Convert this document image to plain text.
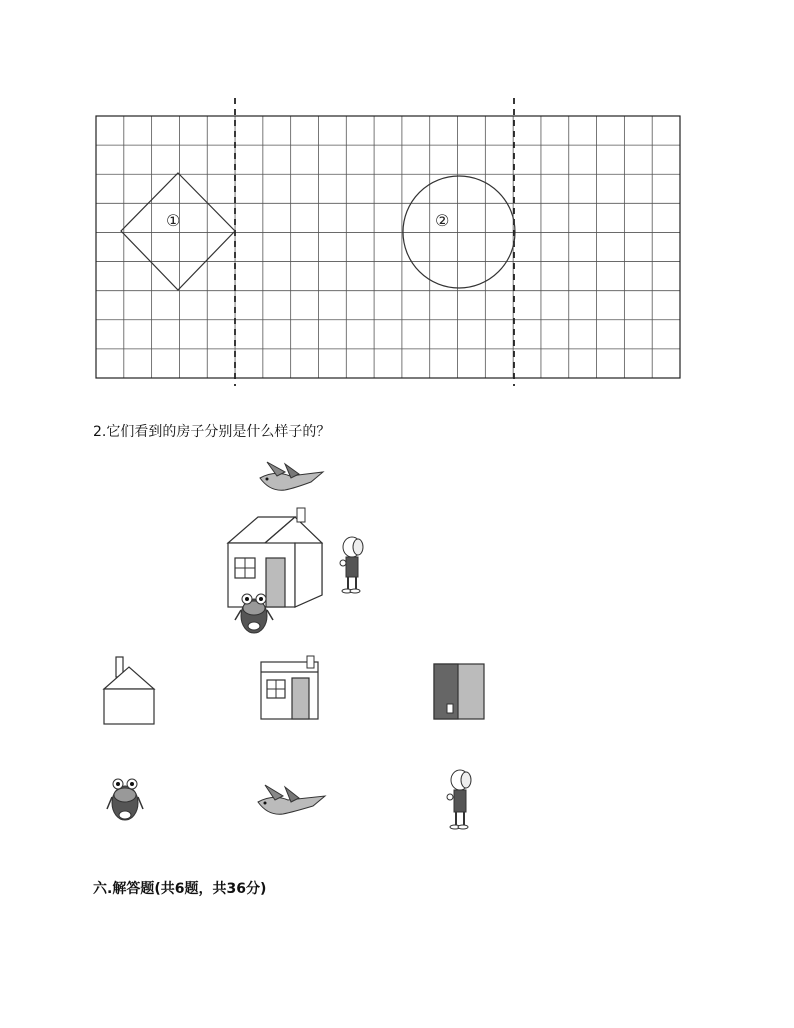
①	②
2.它们看到的房子分别是什么样子的？
六.解答题(共6题，共36分)
